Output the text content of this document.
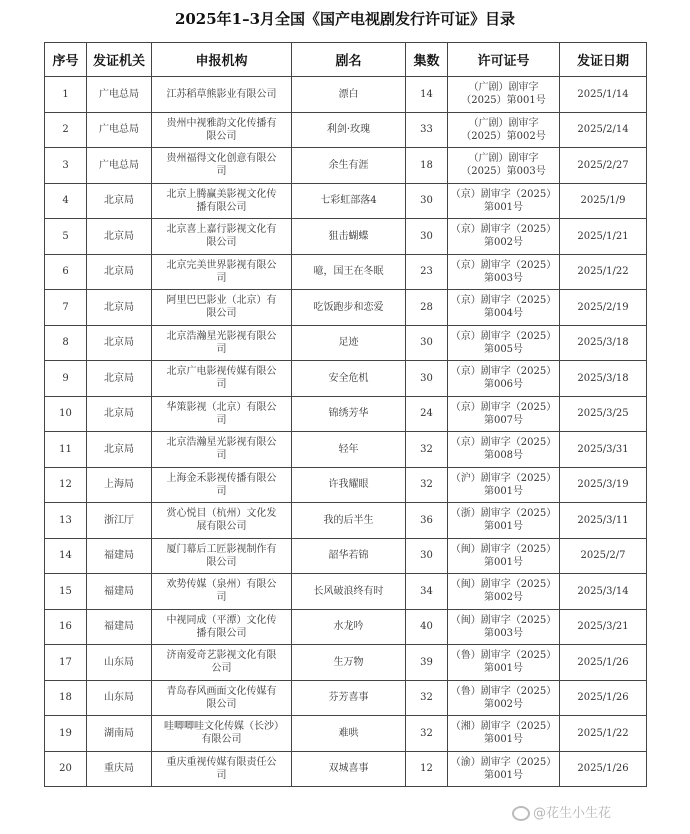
2025年1–3月全国《国产电视剧发行许可证》目录
序号	发证机关	申报机构	剧名	集数	许可证号	发证日期
1	广电总局	江苏稻草熊影业有限公司	漂白	14	（广剧）剧审字（2025）第001号	2025/1/14
2	广电总局	贵州中视雅韵文化传播有限公司	利剑·玫瑰	33	（广剧）剧审字（2025）第002号	2025/2/14
3	广电总局	贵州福得文化创意有限公司	余生有涯	18	（广剧）剧审字（2025）第003号	2025/2/27
4	北京局	北京上腾赢美影视文化传播有限公司	七彩虹部落4	30	（京）剧审字（2025）第001号	2025/1/9
5	北京局	北京喜上嘉行影视文化有限公司	狙击蝴蝶	30	（京）剧审字（2025）第002号	2025/1/21
6	北京局	北京完美世界影视有限公司	噫，国王在冬眠	23	（京）剧审字（2025）第003号	2025/1/22
7	北京局	阿里巴巴影业（北京）有限公司	吃饭跑步和恋爱	28	（京）剧审字（2025）第004号	2025/2/19
8	北京局	北京浩瀚星光影视有限公司	足迹	30	（京）剧审字（2025）第005号	2025/3/18
9	北京局	北京广电影视传媒有限公司	安全危机	30	（京）剧审字（2025）第006号	2025/3/18
10	北京局	华策影视（北京）有限公司	锦绣芳华	24	（京）剧审字（2025）第007号	2025/3/25
11	北京局	北京浩瀚星光影视有限公司	轻年	32	（京）剧审字（2025）第008号	2025/3/31
12	上海局	上海金禾影视传播有限公司	许我耀眼	32	（沪）剧审字（2025）第001号	2025/3/19
13	浙江厅	赏心悦目（杭州）文化发展有限公司	我的后半生	36	（浙）剧审字（2025）第001号	2025/3/11
14	福建局	厦门幕后工匠影视制作有限公司	韶华若锦	30	（闽）剧审字（2025）第001号	2025/2/7
15	福建局	欢势传媒（泉州）有限公司	长风破浪终有时	34	（闽）剧审字（2025）第002号	2025/3/14
16	福建局	中视同成（平潭）文化传播有限公司	水龙吟	40	（闽）剧审字（2025）第003号	2025/3/21
17	山东局	济南爱奇艺影视文化有限公司	生万物	39	（鲁）剧审字（2025）第001号	2025/1/26
18	山东局	青岛春风画面文化传媒有限公司	芬芳喜事	32	（鲁）剧审字（2025）第002号	2025/1/26
19	湖南局	哇唧唧哇文化传媒（长沙）有限公司	难哄	32	（湘）剧审字（2025）第001号	2025/1/22
20	重庆局	重庆重视传媒有限责任公司	双城喜事	12	（渝）剧审字（2025）第001号	2025/1/26
@花生小生花
